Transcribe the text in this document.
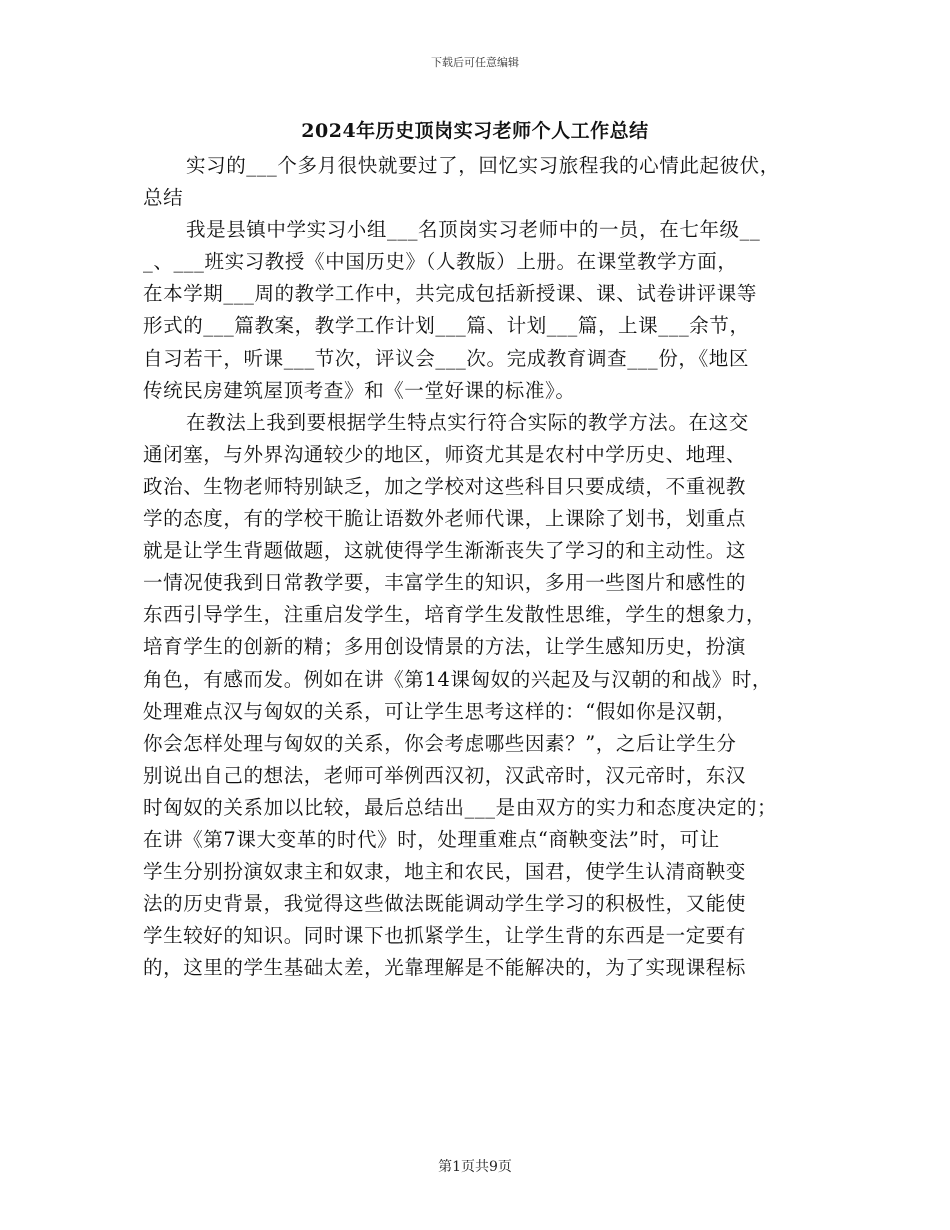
下载后可任意编辑
2024年历史顶岗实习老师个人工作总结
实习的___个多月很快就要过了，回忆实习旅程我的心情此起彼伏，
总结
我是县镇中学实习小组___名顶岗实习老师中的一员，在七年级__
_、___班实习教授《中国历史》（人教版）上册。在课堂教学方面，
在本学期___周的教学工作中，共完成包括新授课、课、试卷讲评课等
形式的___篇教案，教学工作计划___篇、计划___篇，上课___余节，
自习若干，听课___节次，评议会___次。完成教育调查___份，《地区
传统民房建筑屋顶考查》和《一堂好课的标准》。
在教法上我到要根据学生特点实行符合实际的教学方法。在这交
通闭塞，与外界沟通较少的地区，师资尤其是农村中学历史、地理、
政治、生物老师特别缺乏，加之学校对这些科目只要成绩，不重视教
学的态度，有的学校干脆让语数外老师代课，上课除了划书，划重点
就是让学生背题做题，这就使得学生渐渐丧失了学习的和主动性。这
一情况使我到日常教学要，丰富学生的知识，多用一些图片和感性的
东西引导学生，注重启发学生，培育学生发散性思维，学生的想象力，
培育学生的创新的精；多用创设情景的方法，让学生感知历史，扮演
角色，有感而发。例如在讲《第14课匈奴的兴起及与汉朝的和战》时，
处理难点汉与匈奴的关系，可让学生思考这样的：“假如你是汉朝，
你会怎样处理与匈奴的关系，你会考虑哪些因素？”，之后让学生分
别说出自己的想法，老师可举例西汉初，汉武帝时，汉元帝时，东汉
时匈奴的关系加以比较，最后总结出___是由双方的实力和态度决定的；
在讲《第7课大变革的时代》时，处理重难点“商鞅变法”时，可让
学生分别扮演奴隶主和奴隶，地主和农民，国君，使学生认清商鞅变
法的历史背景，我觉得这些做法既能调动学生学习的积极性，又能使
学生较好的知识。同时课下也抓紧学生，让学生背的东西是一定要有
的，这里的学生基础太差，光靠理解是不能解决的，为了实现课程标
第1页共9页
